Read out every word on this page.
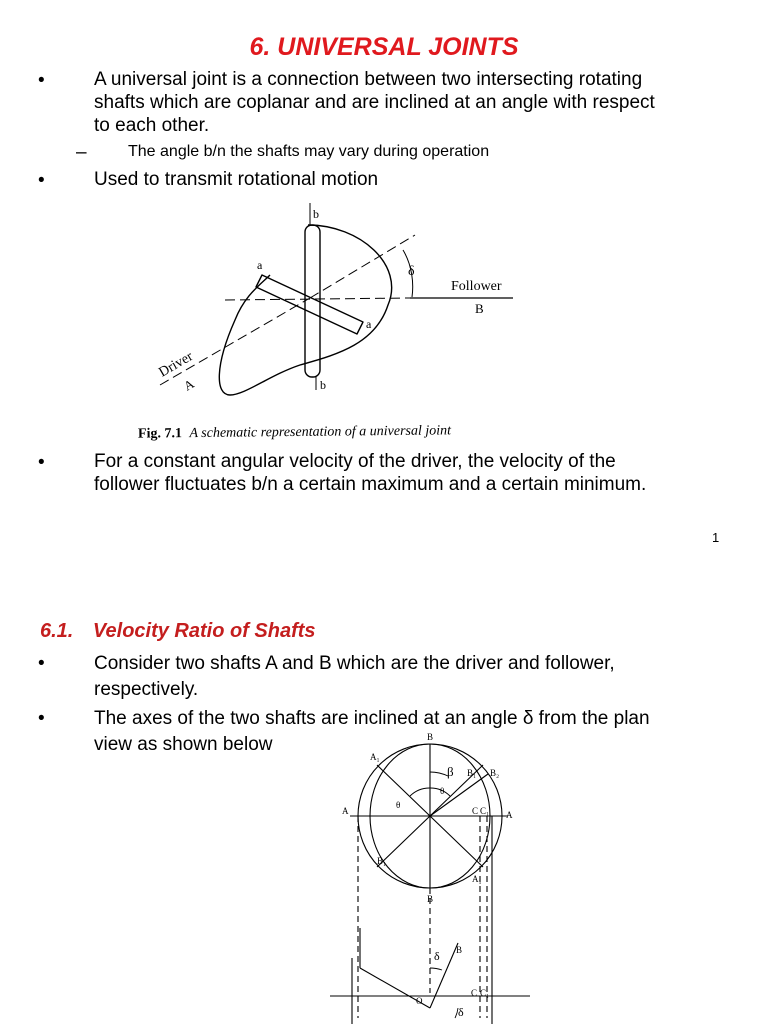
6. UNIVERSAL JOINTS
•	A universal joint is a connection between two intersecting rotating
shafts which are coplanar and are inclined at an angle with respect
to each other.
–	The angle b/n the shafts may vary during operation
•	Used to transmit rotational motion
b
a	δ
Follower
B
a
Driver
A	b
Fig. 7.1 A schematic representation of a universal joint
•	For a constant angular velocity of the driver, the velocity of the
follower fluctuates b/n a certain maximum and a certain minimum.
1
6.1. Velocity Ratio of Shafts
•	Consider two shafts A and B which are the driver and follower,
respectively.
•	The axes of the two shafts are inclined at an angle δ from the plan
view as shown below	B
A₁
β B₁ B₂
θ
θ
A	C C₁ A
B₁
A₁
B
δ B
O
C C₁
δ
